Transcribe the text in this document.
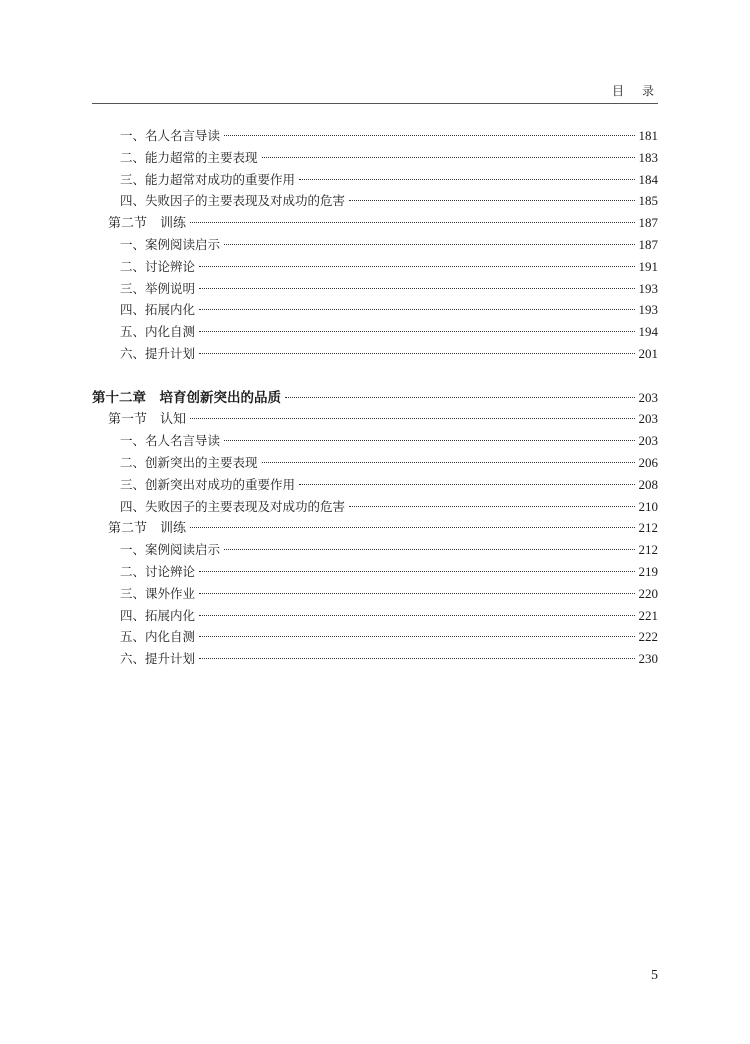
目 录
一、名人名言导读	181
二、能力超常的主要表现	183
三、能力超常对成功的重要作用	184
四、失败因子的主要表现及对成功的危害	185
第二节　训练	187
一、案例阅读启示	187
二、讨论辨论	191
三、举例说明	193
四、拓展内化	193
五、内化自测	194
六、提升计划	201
第十二章　培育创新突出的品质	203
第一节　认知	203
一、名人名言导读	203
二、创新突出的主要表现	206
三、创新突出对成功的重要作用	208
四、失败因子的主要表现及对成功的危害	210
第二节　训练	212
一、案例阅读启示	212
二、讨论辨论	219
三、课外作业	220
四、拓展内化	221
五、内化自测	222
六、提升计划	230
5
